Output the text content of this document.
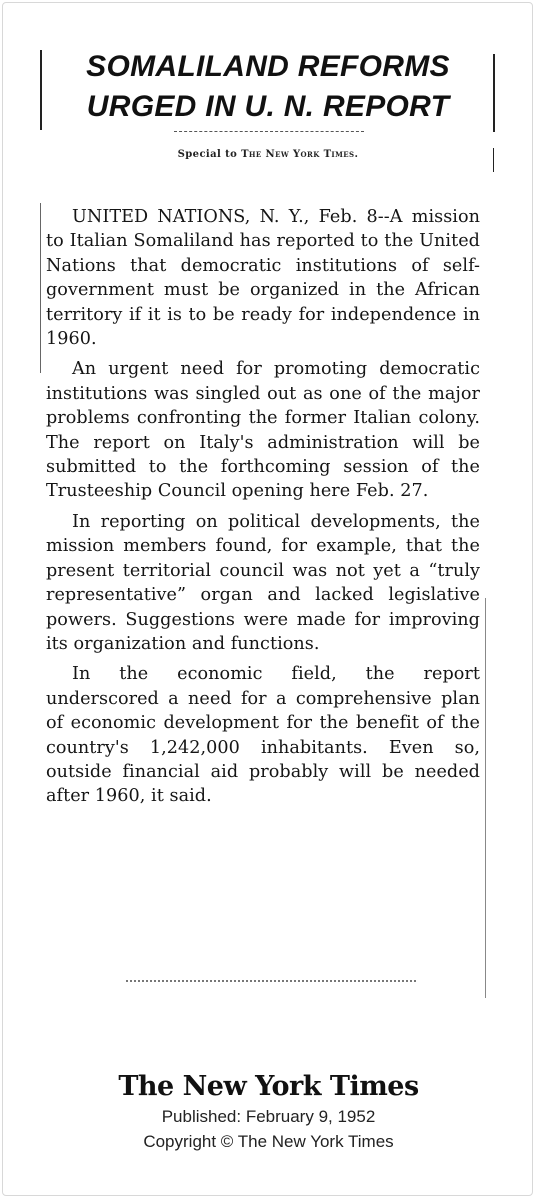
SOMALILAND REFORMS
URGED IN U. N. REPORT
Special to The New York Times.

UNITED NATIONS, N. Y., Feb. 8--A mission to Italian Somaliland has reported to the United Nations that democratic institutions of self-government must be organized in the African territory if it is to be ready for independence in 1960.

An urgent need for promoting democratic institutions was singled out as one of the major problems confronting the former Italian colony. The report on Italy's administration will be submitted to the forthcoming session of the Trusteeship Council opening here Feb. 27.

In reporting on political developments, the mission members found, for example, that the present territorial council was not yet a “truly representative” organ and lacked legislative powers. Suggestions were made for improving its organization and functions.

In the economic field, the report underscored a need for a comprehensive plan of economic development for the benefit of the country's 1,242,000 inhabitants. Even so, outside financial aid probably will be needed after 1960, it said.

The New York Times
Published: February 9, 1952
Copyright © The New York Times
